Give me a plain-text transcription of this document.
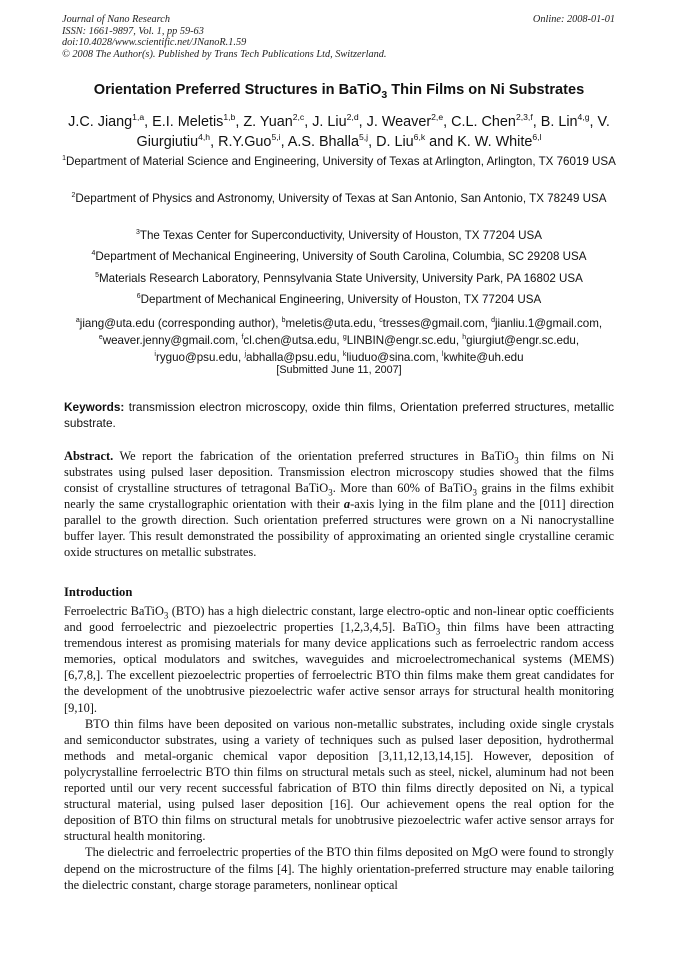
Journal of Nano Research
ISSN: 1661-9897, Vol. 1, pp 59-63
doi:10.4028/www.scientific.net/JNanoR.1.59
© 2008 The Author(s). Published by Trans Tech Publications Ltd, Switzerland.
Online: 2008-01-01
Orientation Preferred Structures in BaTiO$_3$ Thin Films on Ni Substrates
J.C. Jiang$^{1,a}$, E.I. Meletis$^{1,b}$, Z. Yuan$^{2,c}$, J. Liu$^{2,d}$, J. Weaver$^{2,e}$, C.L. Chen$^{2,3,f}$, B. Lin$^{4,g}$, V. Giurgiutiu$^{4,h}$, R.Y.Guo$^{5,i}$, A.S. Bhalla$^{5,j}$, D. Liu$^{6,k}$ and K. W. White$^{6,l}$
$^1$Department of Material Science and Engineering, University of Texas at Arlington, Arlington, TX 76019 USA
$^2$Department of Physics and Astronomy, University of Texas at San Antonio, San Antonio, TX 78249 USA
$^3$The Texas Center for Superconductivity, University of Houston, TX 77204 USA
$^4$Department of Mechanical Engineering, University of South Carolina, Columbia, SC 29208 USA
$^5$Materials Research Laboratory, Pennsylvania State University, University Park, PA 16802 USA
$^6$Department of Mechanical Engineering, University of Houston, TX 77204 USA
$^a$jiang@uta.edu (corresponding author), $^b$meletis@uta.edu, $^c$tresses@gmail.com, $^d$jianliu.1@gmail.com, $^e$weaver.jenny@gmail.com, $^f$cl.chen@utsa.edu, $^g$LINBIN@engr.sc.edu, $^h$giurgiut@engr.sc.edu, $^i$ryguo@psu.edu, $^j$abhalla@psu.edu, $^k$liuduo@sina.com, $^l$kwhite@uh.edu
[Submitted June 11, 2007]
Keywords: transmission electron microscopy, oxide thin films, Orientation preferred structures, metallic substrate.
Abstract. We report the fabrication of the orientation preferred structures in BaTiO$_3$ thin films on Ni substrates using pulsed laser deposition. Transmission electron microscopy studies showed that the films consist of crystalline structures of tetragonal BaTiO$_3$. More than 60% of BaTiO$_3$ grains in the films exhibit nearly the same crystallographic orientation with their a-axis lying in the film plane and the [011] direction parallel to the growth direction. Such orientation preferred structures were grown on a Ni nanocrystalline buffer layer. This result demonstrated the possibility of approximating an oriented single crystalline ceramic oxide structures on metallic substrates.
Introduction

Ferroelectric BaTiO$_3$ (BTO) has a high dielectric constant, large electro-optic and non-linear optic coefficients and good ferroelectric and piezoelectric properties [1,2,3,4,5]. BaTiO$_3$ thin films have been attracting tremendous interest as promising materials for many device applications such as ferroelectric random access memories, optical modulators and switches, waveguides and microelectromechanical systems (MEMS) [6,7,8,]. The excellent piezoelectric properties of ferroelectric BTO thin films make them great candidates for the development of the unobtrusive piezoelectric wafer active sensor arrays for structural health monitoring [9,10].

BTO thin films have been deposited on various non-metallic substrates, including oxide single crystals and semiconductor substrates, using a variety of techniques such as pulsed laser deposition, hydrothermal methods and metal-organic chemical vapor deposition [3,11,12,13,14,15]. However, deposition of polycrystalline ferroelectric BTO thin films on structural metals such as steel, nickel, aluminum had not been reported until our very recent successful fabrication of BTO thin films directly deposited on Ni, a typical structural material, using pulsed laser deposition [16]. Our achievement opens the real option for the deposition of BTO thin films on structural metals for unobtrusive piezoelectric wafer active sensor arrays for structural health monitoring.

The dielectric and ferroelectric properties of the BTO thin films deposited on MgO were found to strongly depend on the microstructure of the films [4]. The highly orientation-preferred structure may enable tailoring the dielectric constant, charge storage parameters, nonlinear optical
